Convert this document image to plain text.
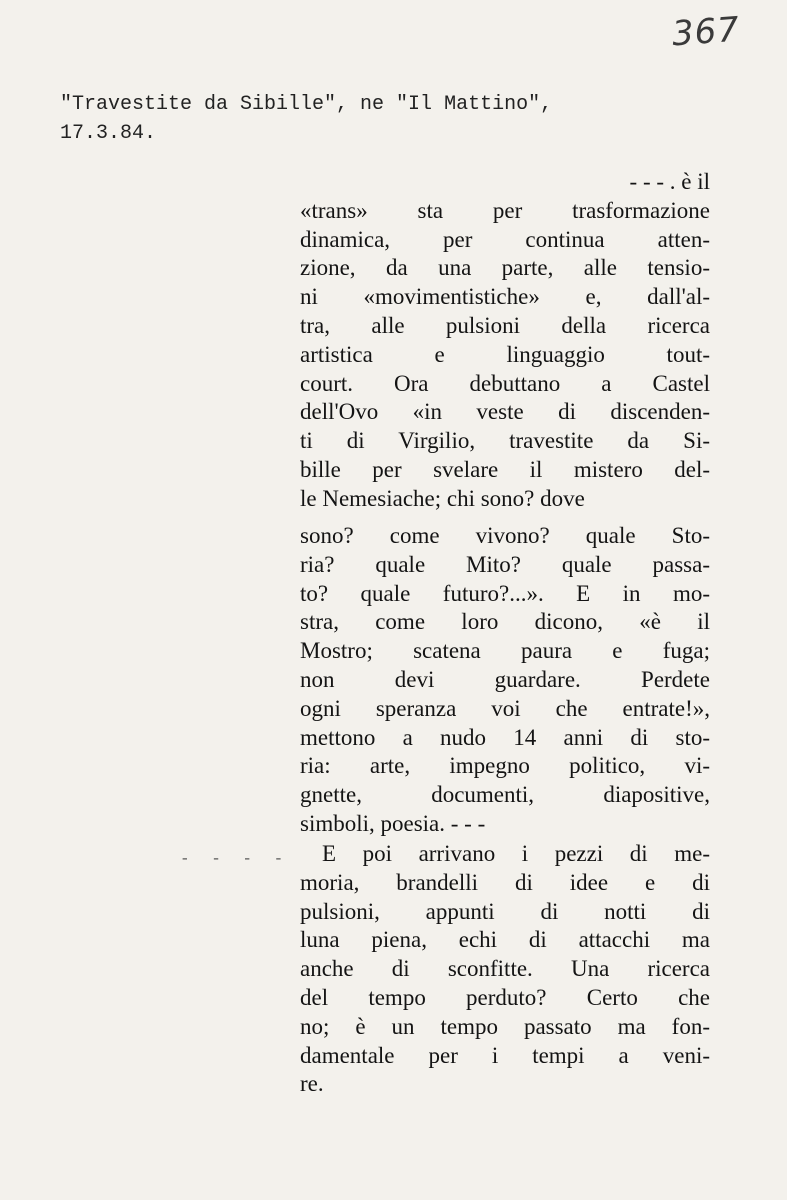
367
"Travestite da Sibille", ne "Il Mattino",
17.3.84.
- - - . è il
«trans» sta per trasformazione
dinamica, per continua atten-
zione, da una parte, alle tensio-
ni «movimentistiche» e, dall'al-
tra, alle pulsioni della ricerca
artistica e linguaggio tout-
court. Ora debuttano a Castel
dell'Ovo «in veste di discenden-
ti di Virgilio, travestite da Si-
bille per svelare il mistero del-
le Nemesiache; chi sono? dove
sono? come vivono? quale Sto-
ria? quale Mito? quale passa-
to? quale futuro?...». E in mo-
stra, come loro dicono, «è il
Mostro; scatena paura e fuga;
non devi guardare. Perdete
ogni speranza voi che entrate!»,
mettono a nudo 14 anni di sto-
ria: arte, impegno politico, vi-
gnette, documenti, diapositive,
simboli, poesia. - - -
E poi arrivano i pezzi di me-
moria, brandelli di idee e di
pulsioni, appunti di notti di
luna piena, echi di attacchi ma
anche di sconfitte. Una ricerca
del tempo perduto? Certo che
no; è un tempo passato ma fon-
damentale per i tempi a veni-
re.
- - - -
